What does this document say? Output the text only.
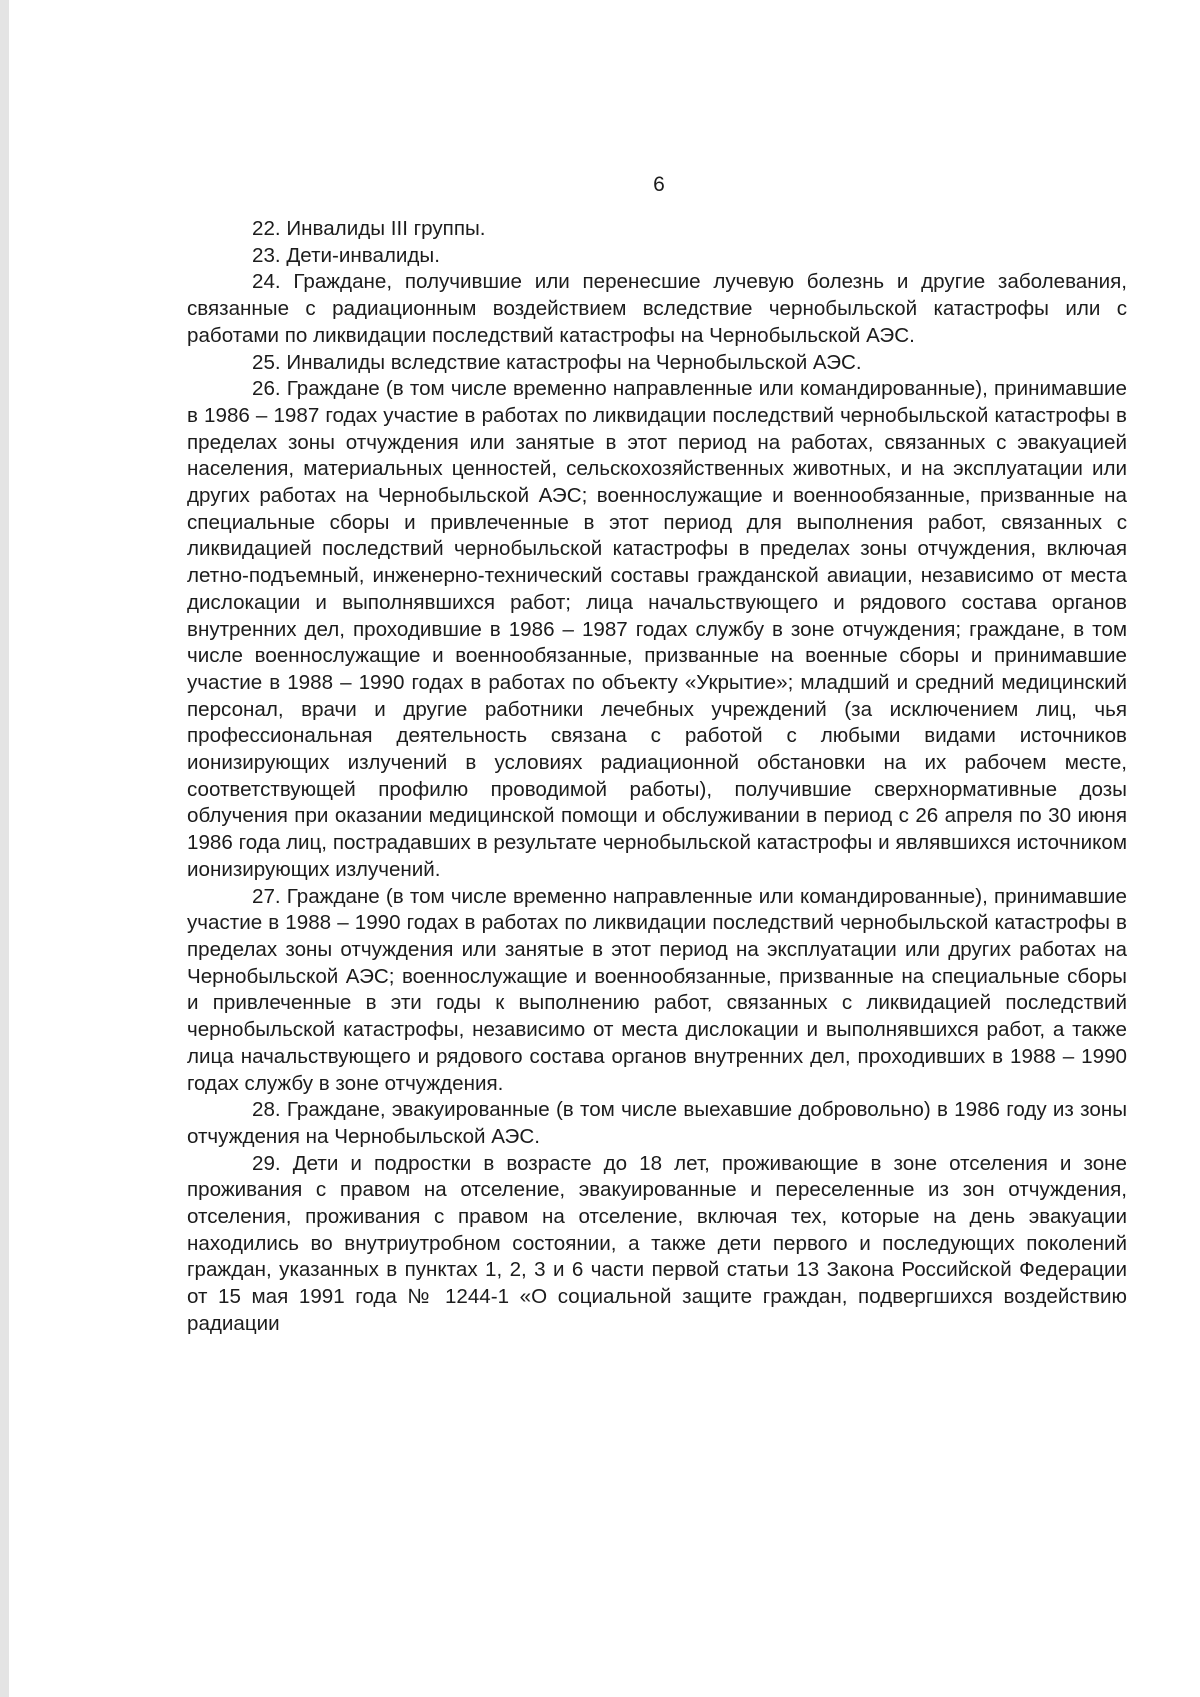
6

22. Инвалиды III группы.

23. Дети-инвалиды.

24. Граждане, получившие или перенесшие лучевую болезнь и другие заболевания, связанные с радиационным воздействием вследствие чернобыльской катастрофы или с работами по ликвидации последствий катастрофы на Чернобыльской АЭС.

25. Инвалиды вследствие катастрофы на Чернобыльской АЭС.

26. Граждане (в том числе временно направленные или командированные), принимавшие в 1986 – 1987 годах участие в работах по ликвидации последствий чернобыльской катастрофы в пределах зоны отчуждения или занятые в этот период на работах, связанных с эвакуацией населения, материальных ценностей, сельскохозяйственных животных, и на эксплуатации или других работах на Чернобыльской АЭС; военнослужащие и военнообязанные, призванные на специальные сборы и привлеченные в этот период для выполнения работ, связанных с ликвидацией последствий чернобыльской катастрофы в пределах зоны отчуждения, включая летно-подъемный, инженерно-технический составы гражданской авиации, независимо от места дислокации и выполнявшихся работ; лица начальствующего и рядового состава органов внутренних дел, проходившие в 1986 – 1987 годах службу в зоне отчуждения; граждане, в том числе военнослужащие и военнообязанные, призванные на военные сборы и принимавшие участие в 1988 – 1990 годах в работах по объекту «Укрытие»; младший и средний медицинский персонал, врачи и другие работники лечебных учреждений (за исключением лиц, чья профессиональная деятельность связана с работой с любыми видами источников ионизирующих излучений в условиях радиационной обстановки на их рабочем месте, соответствующей профилю проводимой работы), получившие сверхнормативные дозы облучения при оказании медицинской помощи и обслуживании в период с 26 апреля по 30 июня 1986 года лиц, пострадавших в результате чернобыльской катастрофы и являвшихся источником ионизирующих излучений.

27. Граждане (в том числе временно направленные или командированные), принимавшие участие в 1988 – 1990 годах в работах по ликвидации последствий чернобыльской катастрофы в пределах зоны отчуждения или занятые в этот период на эксплуатации или других работах на Чернобыльской АЭС; военнослужащие и военнообязанные, призванные на специальные сборы и привлеченные в эти годы к выполнению работ, связанных с ликвидацией последствий чернобыльской катастрофы, независимо от места дислокации и выполнявшихся работ, а также лица начальствующего и рядового состава органов внутренних дел, проходивших в 1988 – 1990 годах службу в зоне отчуждения.

28. Граждане, эвакуированные (в том числе выехавшие добровольно) в 1986 году из зоны отчуждения на Чернобыльской АЭС.

29. Дети и подростки в возрасте до 18 лет, проживающие в зоне отселения и зоне проживания с правом на отселение, эвакуированные и переселенные из зон отчуждения, отселения, проживания с правом на отселение, включая тех, которые на день эвакуации находились во внутриутробном состоянии, а также дети первого и последующих поколений граждан, указанных в пунктах 1, 2, 3 и 6 части первой статьи 13 Закона Российской Федерации от 15 мая 1991 года № 1244-1 «О социальной защите граждан, подвергшихся воздействию радиации
